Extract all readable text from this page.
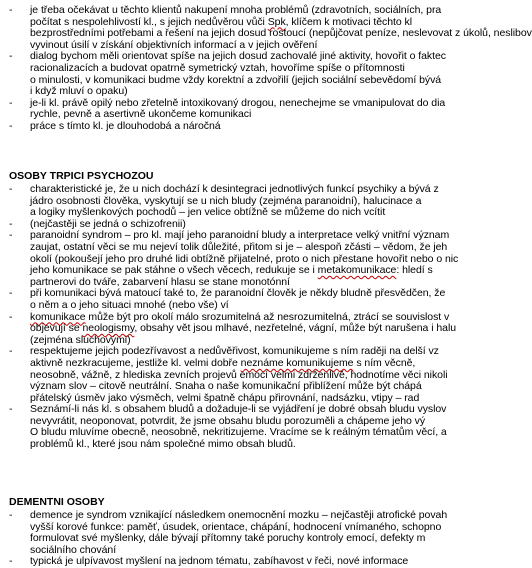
- je třeba očekávat u těchto klientů nakupení mnoha problémů (zdravotních, sociálních, pra
počítat s nespolehlivostí kl., s jejich nedůvěrou vůči Spk, klíčem k motivaci těchto kl
bezprostředními potřebami a řešení na jejich dosud rostoucí (nepůjčovat peníze, neslevovat z úkolů, neslibov
vyvinout úsilí v získání objektivních informací a v jejich ověření
- dialog bychom měli orientovat spíše na jejich dosud zachovalé jiné aktivity, hovořit o faktec
racionalizacích a budovat opatrně symetrický vztah, hovoříme spíše o přítomnosti
o minulosti, v komunikaci budme vždy korektní a zdvořilí (jejich sociální sebevědomí bývá
i když mluví o opaku)
- je-li kl. právě opilý nebo zřetelně intoxikovaný drogou, nenechejme se vmanipulovat do dia
rychle, pevně a asertivně ukončeme komunikaci
- práce s tímto kl. je dlouhodobá a náročná
OSOBY TRPICI PSYCHOZOU
- charakteristické je, že u nich dochází k desintegraci jednotlivých funkcí psychiky a bývá z
jádro osobnosti člověka, vyskytují se u nich bludy (zejména paranoidní), halucinace a
a logiky myšlenkových pochodů – jen velice obtížně se můžeme do nich vcítit
- (nejčastěji se jedná o schizofrenii)
- paranoidní syndrom – pro kl. mají jeho paranoidní bludy a interpretace velký vnitřní význam
zaujat, ostatní věci se mu nejeví tolik důležité, přitom si je – alespoň zčásti – vědom, že jeh
okolí (pokoušejí jeho pro druhé lidi obtížně přijatelné, proto o nich přestane hovořit nebo o nic
jeho komunikace se pak stáhne o všech věcech, redukuje se i metakomunikace: hledí s
partnerovi do tváře, zabarvení hlasu se stane monotónní
- při komunikaci bývá matoucí také to, že paranoidní člověk je někdy bludně přesvědčen, že
o něm a o jeho situaci mnohé (nebo vše) ví
- komunikace může být pro okolí málo srozumitelná až nesrozumitelná, ztrácí se souvislost v
objevují se neologismy, obsahy vět jsou mlhavé, nezřetelné, vágní, může být narušena i halu
(zejména sluchovými)
- respektujeme jejich podezřívavost a nedůvěřivost, komunikujeme s ním raději na delší vz
aktivně nezkracujeme, jestliže kl. velmi dobře neznáme komunikujeme s ním věcně,
neosobně, vážně, z hlediska zevních projevů emocí velmi zdrženlivě, hodnotíme věci nikoli
význam slov – citově neutrální. Snaha o naše komunikační přiblížení může být chápá
přátelský úsměv jako výsměch, velmi špatně chápu přirovnání, nadsázku, vtipy – rad
- Seznámí-li nás kl. s obsahem bludů a dožaduje-li se vyjádření je dobré obsah bludu vyslov
nevyvrátit, neoponovat, potvrdit, že jsme obsahu bludu porozuměli a chápeme jeho vý
O bludu mluvíme obecně, neosobně, nekritizujeme. Vracíme se k reálným tématům věcí, a
problémů kl., které jsou nám společné mimo obsah bludů.
DEMENTNI OSOBY
- demence je syndrom vznikající následkem onemocnění mozku – nejčastěji atrofické povah
vyšší korové funkce: paměť, úsudek, orientace, chápání, hodnocení vnímaného, schopno
formulovat své myšlenky, dále bývají přítomny také poruchy kontroly emocí, defekty m
sociálního chování
- typická je ulpívavost myšlení na jednom tématu, zabíhavost v řeči, nové informace
